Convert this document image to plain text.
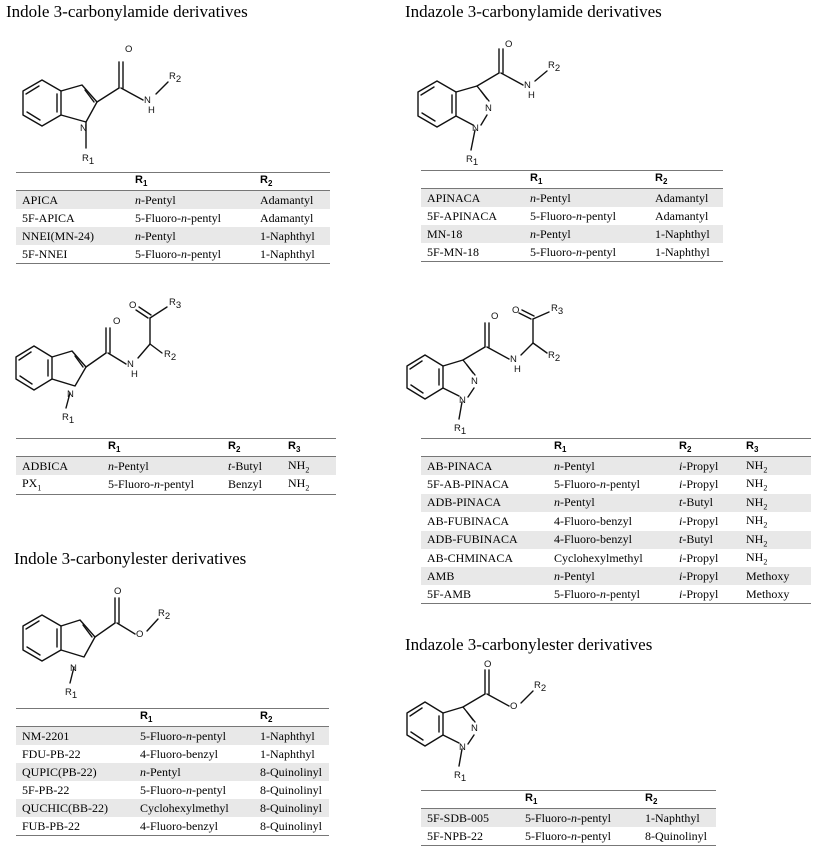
Indole 3-carbonylamide derivatives	Indazole 3-carbonylamide derivatives
Indole 3-carbonylester derivatives
Indazole 3-carbonylester derivatives
O
N
H
R2
N
R1
O
N
H
R2
N
N
R1
O
N
H
O	R3
R2
N
R1
O
N
H
O	R3
R2
N
N
R1
O
O
R2
N
R1
O
O
R2
N
N
R1
	$R_1$	$R_2$
APICA	n-Pentyl	Adamantyl
5F-APICA	5-Fluoro-n-pentyl	Adamantyl
NNEI(MN-24)	n-Pentyl	1-Naphthyl
5F-NNEI	5-Fluoro-n-pentyl	1-Naphthyl
	$R_1$	$R_2$
APINACA	n-Pentyl	Adamantyl
5F-APINACA	5-Fluoro-n-pentyl	Adamantyl
MN-18	n-Pentyl	1-Naphthyl
5F-MN-18	5-Fluoro-n-pentyl	1-Naphthyl
	$R_1$	$R_2$	$R_3$
ADBICA	n-Pentyl	t-Butyl	$NH_2$
$PX_1$	5-Fluoro-n-pentyl	Benzyl	$NH_2$
	$R_1$	$R_2$	$R_3$
AB-PINACA	n-Pentyl	i-Propyl	$NH_2$
5F-AB-PINACA	5-Fluoro-n-pentyl	i-Propyl	$NH_2$
ADB-PINACA	n-Pentyl	t-Butyl	$NH_2$
AB-FUBINACA	4-Fluoro-benzyl	i-Propyl	$NH_2$
ADB-FUBINACA	4-Fluoro-benzyl	t-Butyl	$NH_2$
AB-CHMINACA	Cyclohexylmethyl	i-Propyl	$NH_2$
AMB	n-Pentyl	i-Propyl	Methoxy
5F-AMB	5-Fluoro-n-pentyl	i-Propyl	Methoxy
	$R_1$	$R_2$
NM-2201	5-Fluoro-n-pentyl	1-Naphthyl
FDU-PB-22	4-Fluoro-benzyl	1-Naphthyl
QUPIC(PB-22)	n-Pentyl	8-Quinolinyl
5F-PB-22	5-Fluoro-n-pentyl	8-Quinolinyl
QUCHIC(BB-22)	Cyclohexylmethyl	8-Quinolinyl
FUB-PB-22	4-Fluoro-benzyl	8-Quinolinyl
	$R_1$	$R_2$
5F-SDB-005	5-Fluoro-n-pentyl	1-Naphthyl
5F-NPB-22	5-Fluoro-n-pentyl	8-Quinolinyl
